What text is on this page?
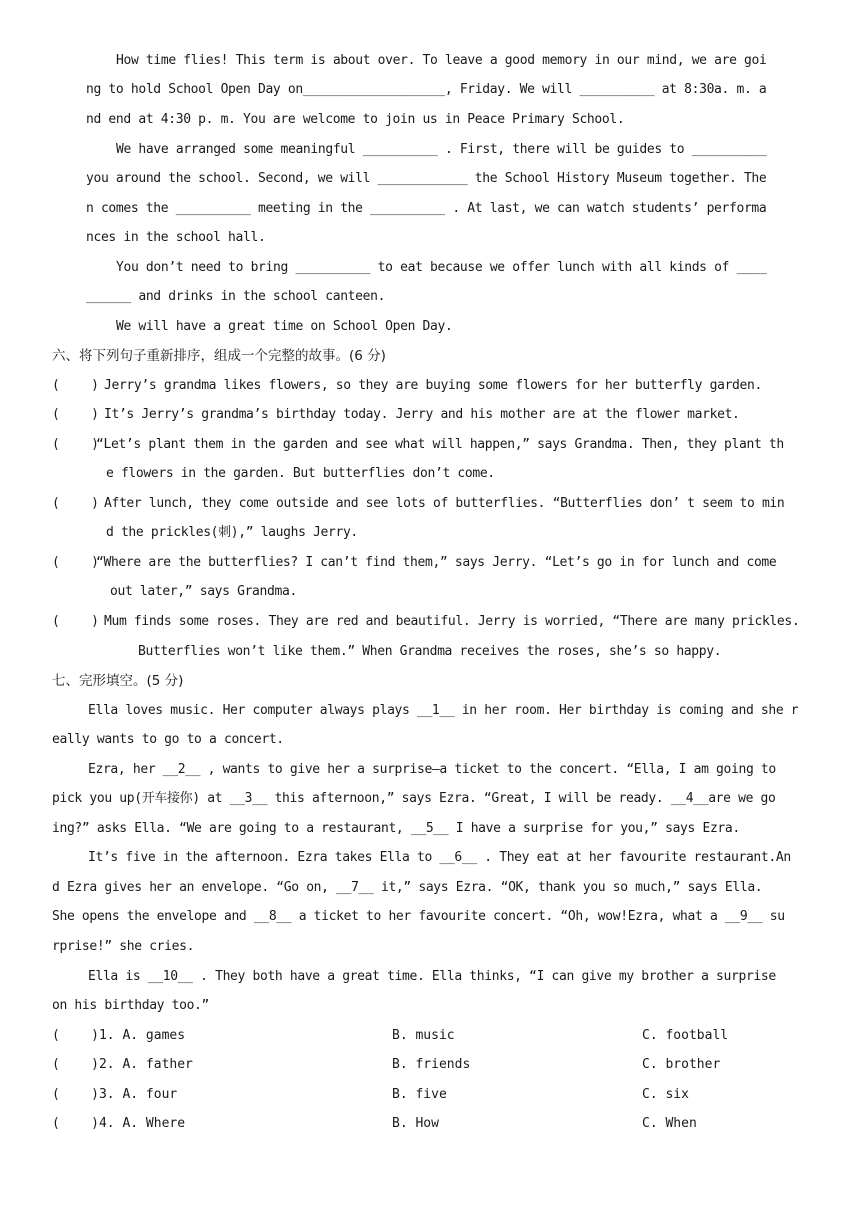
How time flies! This term is about over. To leave a good memory in our mind, we are goi
ng to hold School Open Day on___________________, Friday. We will __________ at 8:30a. m. a
nd end at 4:30 p. m. You are welcome to join us in Peace Primary School.
We have arranged some meaningful __________ . First, there will be guides to __________
you around the school. Second, we will ____________ the School History Museum together. The
n comes the __________ meeting in the __________ . At last, we can watch students’ performa
nces in the school hall.
You don’t need to bring __________ to eat because we offer lunch with all kinds of ____
______ and drinks in the school canteen.
We will have a great time on School Open Day.
六、将下列句子重新排序，组成一个完整的故事。(6 分)
(    ) Jerry’s grandma likes flowers, so they are buying some flowers for her butterfly garden.
(    ) It’s Jerry’s grandma’s birthday today. Jerry and his mother are at the flower market.
(    )
“Let’s plant them in the garden and see what will happen,” says Grandma. Then, they plant th
e flowers in the garden. But butterflies don’t come.
(    ) After lunch, they come outside and see lots of butterflies. “Butterflies don’ t seem to min
d the prickles(刺),” laughs Jerry.
(    )
“Where are the butterflies? I can’t find them,” says Jerry. “Let’s go in for lunch and come
out later,” says Grandma.
(    ) Mum finds some roses. They are red and beautiful. Jerry is worried, “There are many prickles.
Butterflies won’t like them.” When Grandma receives the roses, she’s so happy.
七、完形填空。(5 分)
Ella loves music. Her computer always plays __1__ in her room. Her birthday is coming and she r
eally wants to go to a concert.
Ezra, her __2__ , wants to give her a surprise—a ticket to the concert. “Ella, I am going to
pick you up(开车接你) at __3__ this afternoon,” says Ezra. “Great, I will be ready. __4__are we go
ing?” asks Ella. “We are going to a restaurant, __5__ I have a surprise for you,” says Ezra.
It’s five in the afternoon. Ezra takes Ella to __6__ . They eat at her favourite restaurant.An
d Ezra gives her an envelope. “Go on, __7__ it,” says Ezra. “OK, thank you so much,” says Ella.
She opens the envelope and __8__ a ticket to her favourite concert. “Oh, wow!Ezra, what a __9__ su
rprise!” she cries.
Ella is __10__ . They both have a great time. Ella thinks, “I can give my brother a surprise
on his birthday too.”
(    )1. A. games	B. music	C. football
(    )2. A. father	B. friends	C. brother
(    )3. A. four	B. five	C. six
(    )4. A. Where	B. How	C. When
